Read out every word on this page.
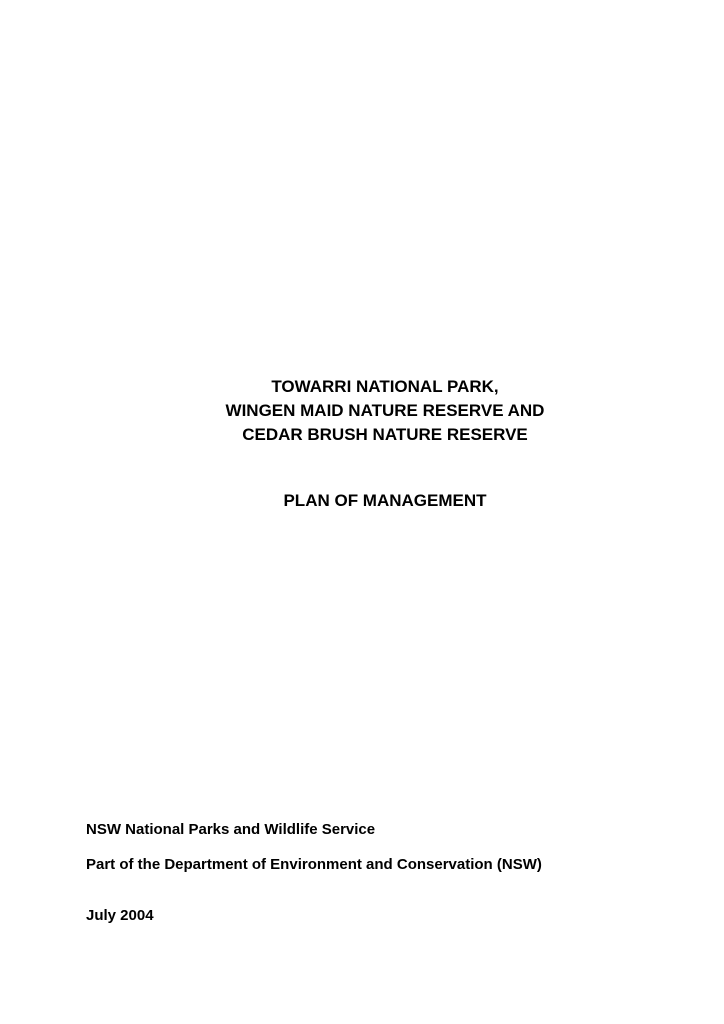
TOWARRI NATIONAL PARK,
WINGEN MAID NATURE RESERVE AND
CEDAR BRUSH NATURE RESERVE
PLAN OF MANAGEMENT
NSW National Parks and Wildlife Service
Part of the Department of Environment and Conservation (NSW)
July 2004
